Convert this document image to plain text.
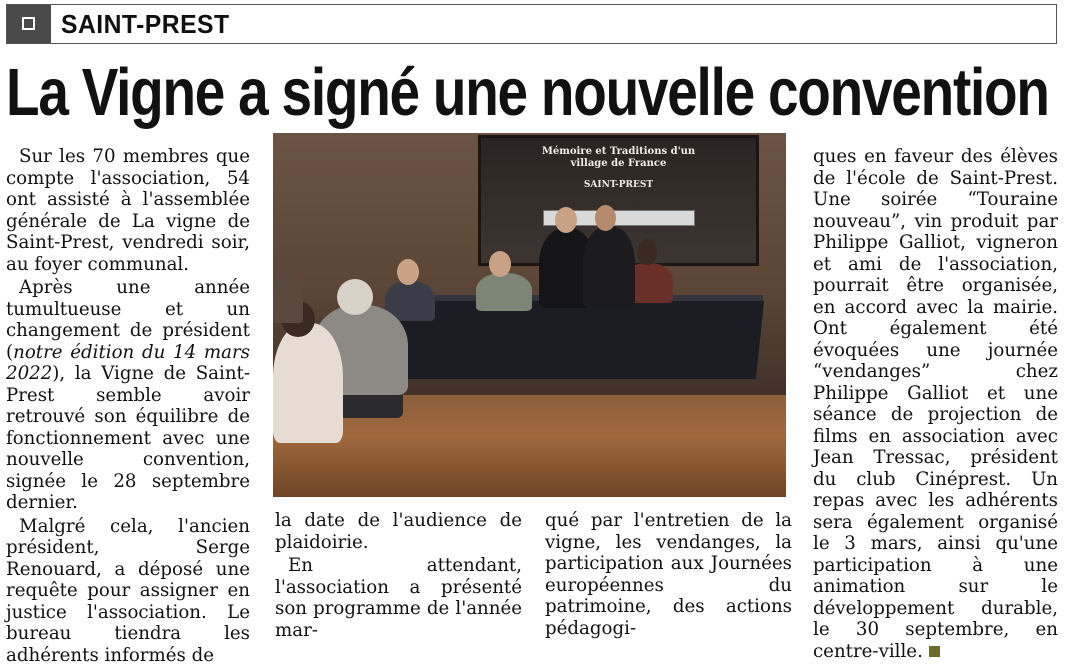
SAINT-PREST
La Vigne a signé une nouvelle convention

Sur les 70 membres que compte l'association, 54 ont assisté à l'assemblée générale de La vigne de Saint-Prest, vendredi soir, au foyer communal.

Après une année tumultueuse et un changement de président (notre édition du 14 mars 2022), la Vigne de Saint-Prest semble avoir retrouvé son équilibre de fonctionnement avec une nouvelle convention, signée le 28 septembre dernier.

Malgré cela, l'ancien président, Serge Renouard, a déposé une requête pour assigner en justice l'association. Le bureau tiendra les adhérents informés de

Mémoire et Traditions d'un
village de France
SAINT-PREST

la date de l'audience de plaidoirie.

En attendant, l'association a présenté son programme de l'année mar-

qué par l'entretien de la vigne, les vendanges, la participation aux Journées européennes du patrimoine, des actions pédagogi-

ques en faveur des élèves de l'école de Saint-Prest. Une soirée “Touraine nouveau”, vin produit par Philippe Galliot, vigneron et ami de l'association, pourrait être organisée, en accord avec la mairie. Ont également été évoquées une journée “vendanges” chez Philippe Galliot et une séance de projection de films en association avec Jean Tressac, président du club Cinéprest. Un repas avec les adhérents sera également organisé le 3 mars, ainsi qu'une participation à une animation sur le développement durable, le 30 septembre, en centre-ville.
